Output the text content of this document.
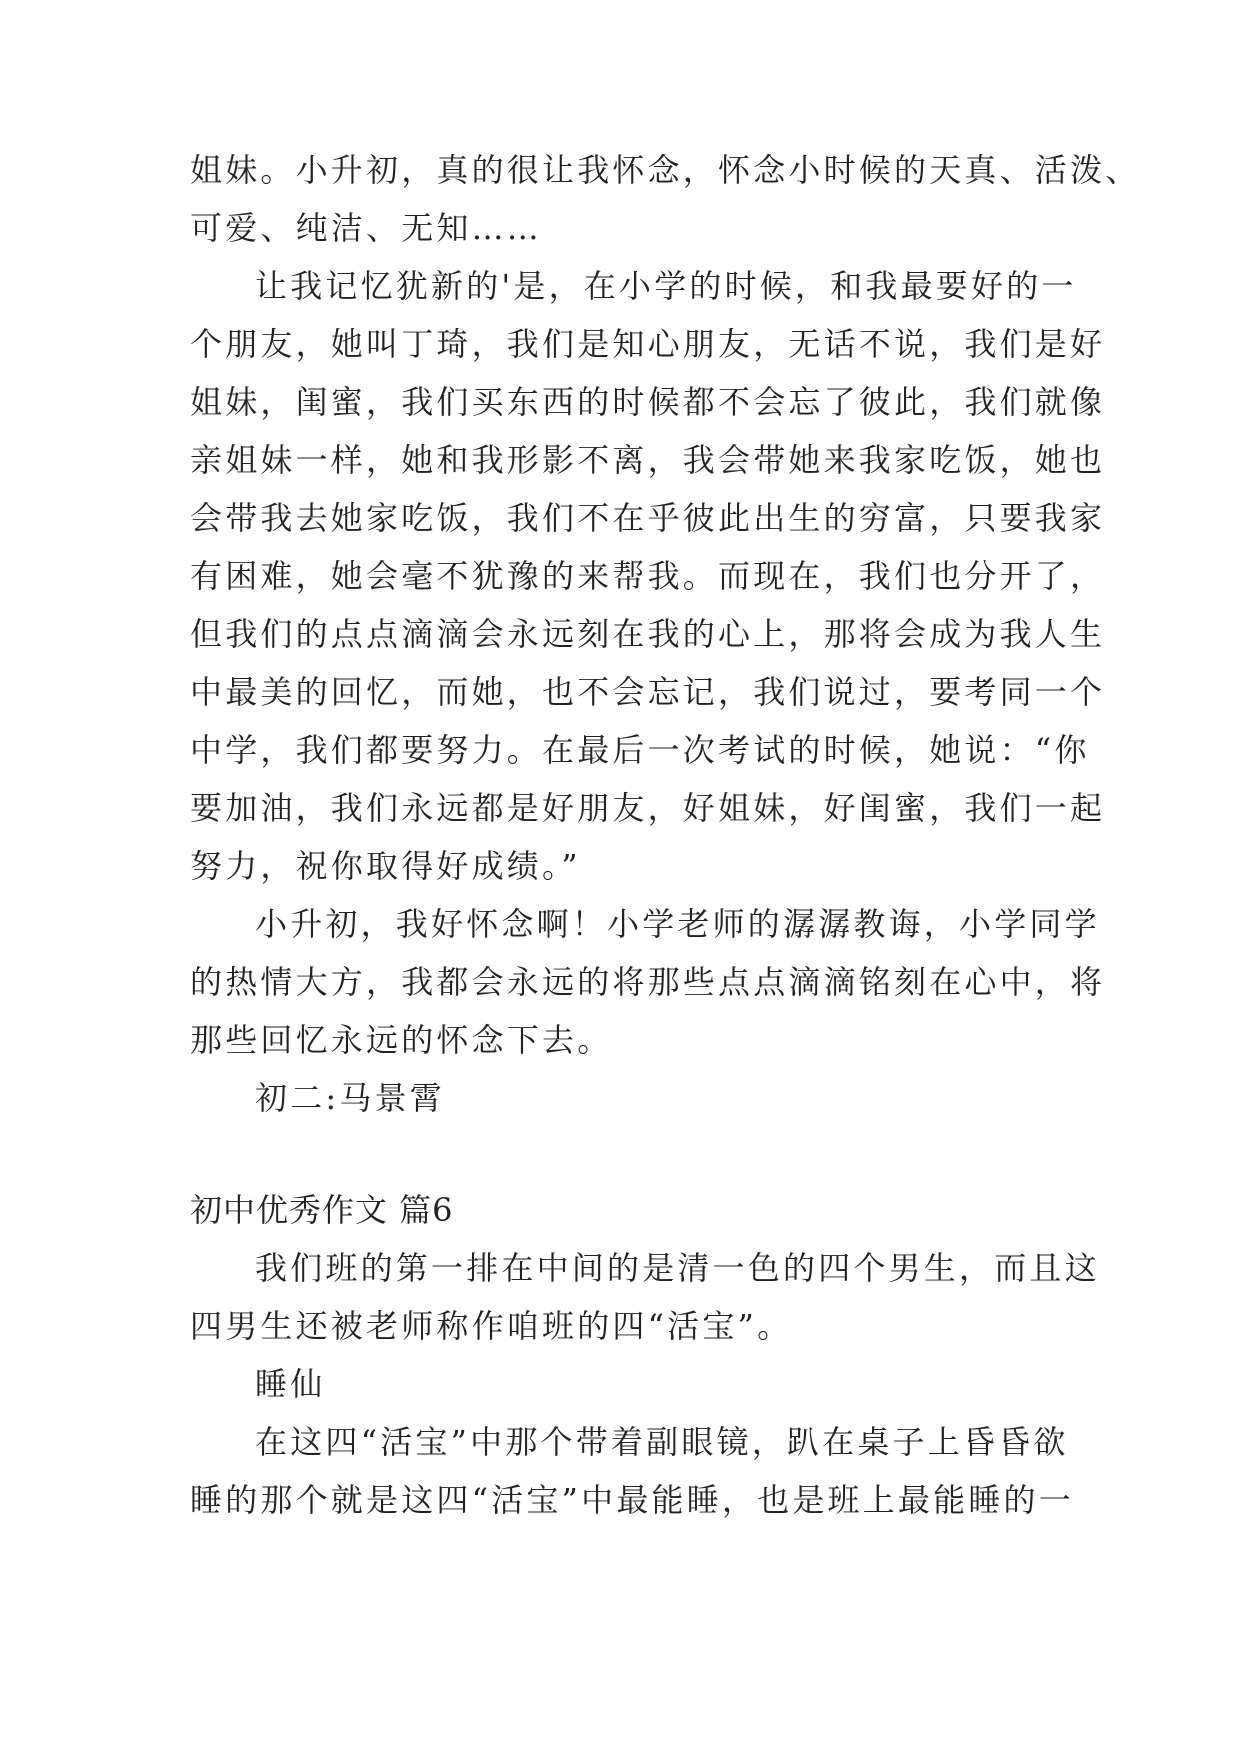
姐妹。小升初，真的很让我怀念，怀念小时候的天真、活泼、
可爱、纯洁、无知……
让我记忆犹新的'是，在小学的时候，和我最要好的一
个朋友，她叫丁琦，我们是知心朋友，无话不说，我们是好
姐妹，闺蜜，我们买东西的时候都不会忘了彼此，我们就像
亲姐妹一样，她和我形影不离，我会带她来我家吃饭，她也
会带我去她家吃饭，我们不在乎彼此出生的穷富，只要我家
有困难，她会毫不犹豫的来帮我。而现在，我们也分开了，
但我们的点点滴滴会永远刻在我的心上，那将会成为我人生
中最美的回忆，而她，也不会忘记，我们说过，要考同一个
中学，我们都要努力。在最后一次考试的时候，她说：“你
要加油，我们永远都是好朋友，好姐妹，好闺蜜，我们一起
努力，祝你取得好成绩。”
小升初，我好怀念啊！小学老师的潺潺教诲，小学同学
的热情大方，我都会永远的将那些点点滴滴铭刻在心中，将
那些回忆永远的怀念下去。
初二:马景霄
初中优秀作文 篇6
我们班的第一排在中间的是清一色的四个男生，而且这
四男生还被老师称作咱班的四“活宝”。
睡仙
在这四“活宝”中那个带着副眼镜，趴在桌子上昏昏欲
睡的那个就是这四“活宝”中最能睡，也是班上最能睡的一
